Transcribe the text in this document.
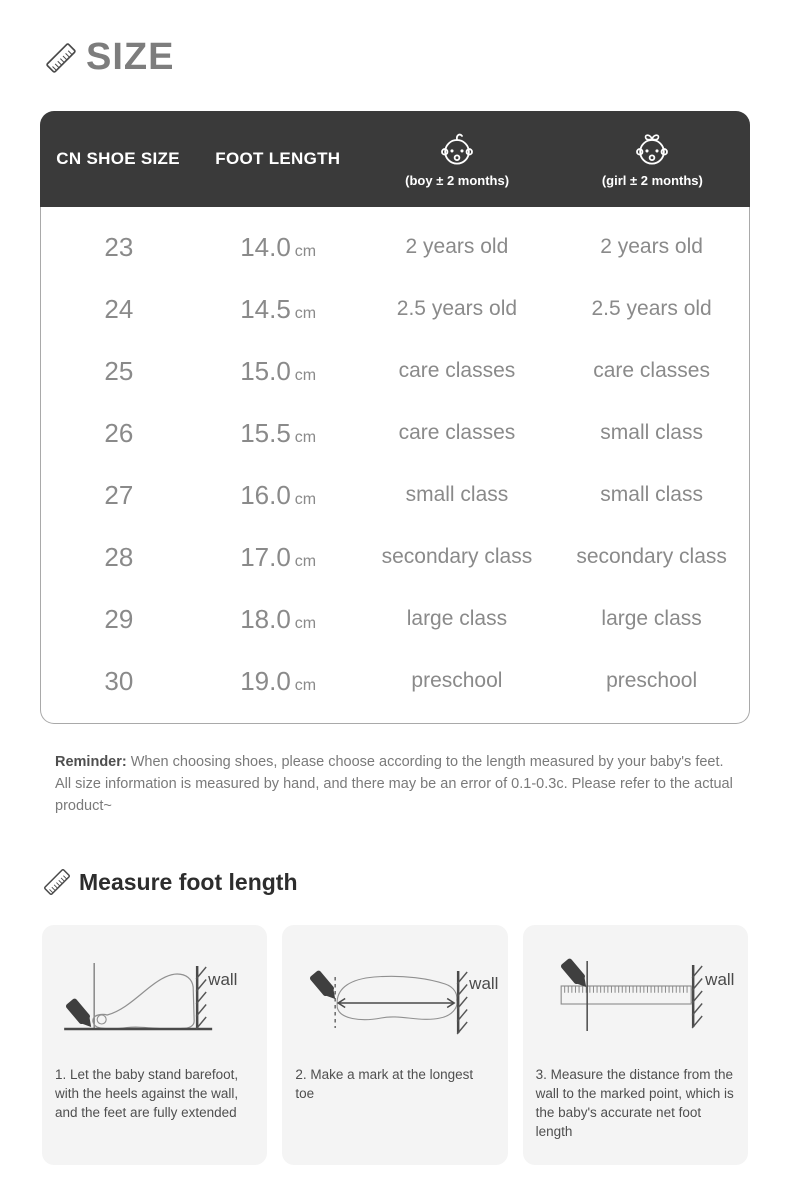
SIZE
CN SHOE SIZE FOOT LENGTH
(boy ± 2 months)	(girl ± 2 months)
23	14.0 cm	2 years old	2 years old
24	14.5 cm	2.5 years old	2.5 years old
25	15.0 cm	care classes	care classes
26	15.5 cm	care classes	small class
27	16.0 cm	small class	small class
28	17.0 cm	secondary class	secondary class
29	18.0 cm	large class	large class
30	19.0 cm	preschool	preschool

Reminder: When choosing shoes, please choose according to the length measured by your baby's feet. All size information is measured by hand, and there may be an error of 0.1-0.3c. Please refer to the actual product~

Measure foot length
wall
1. Let the baby stand barefoot, with the heels against the wall, and the feet are fully extended
wall
2. Make a mark at the longest toe
wall
3. Measure the distance from the wall to the marked point, which is the baby's accurate net foot length
